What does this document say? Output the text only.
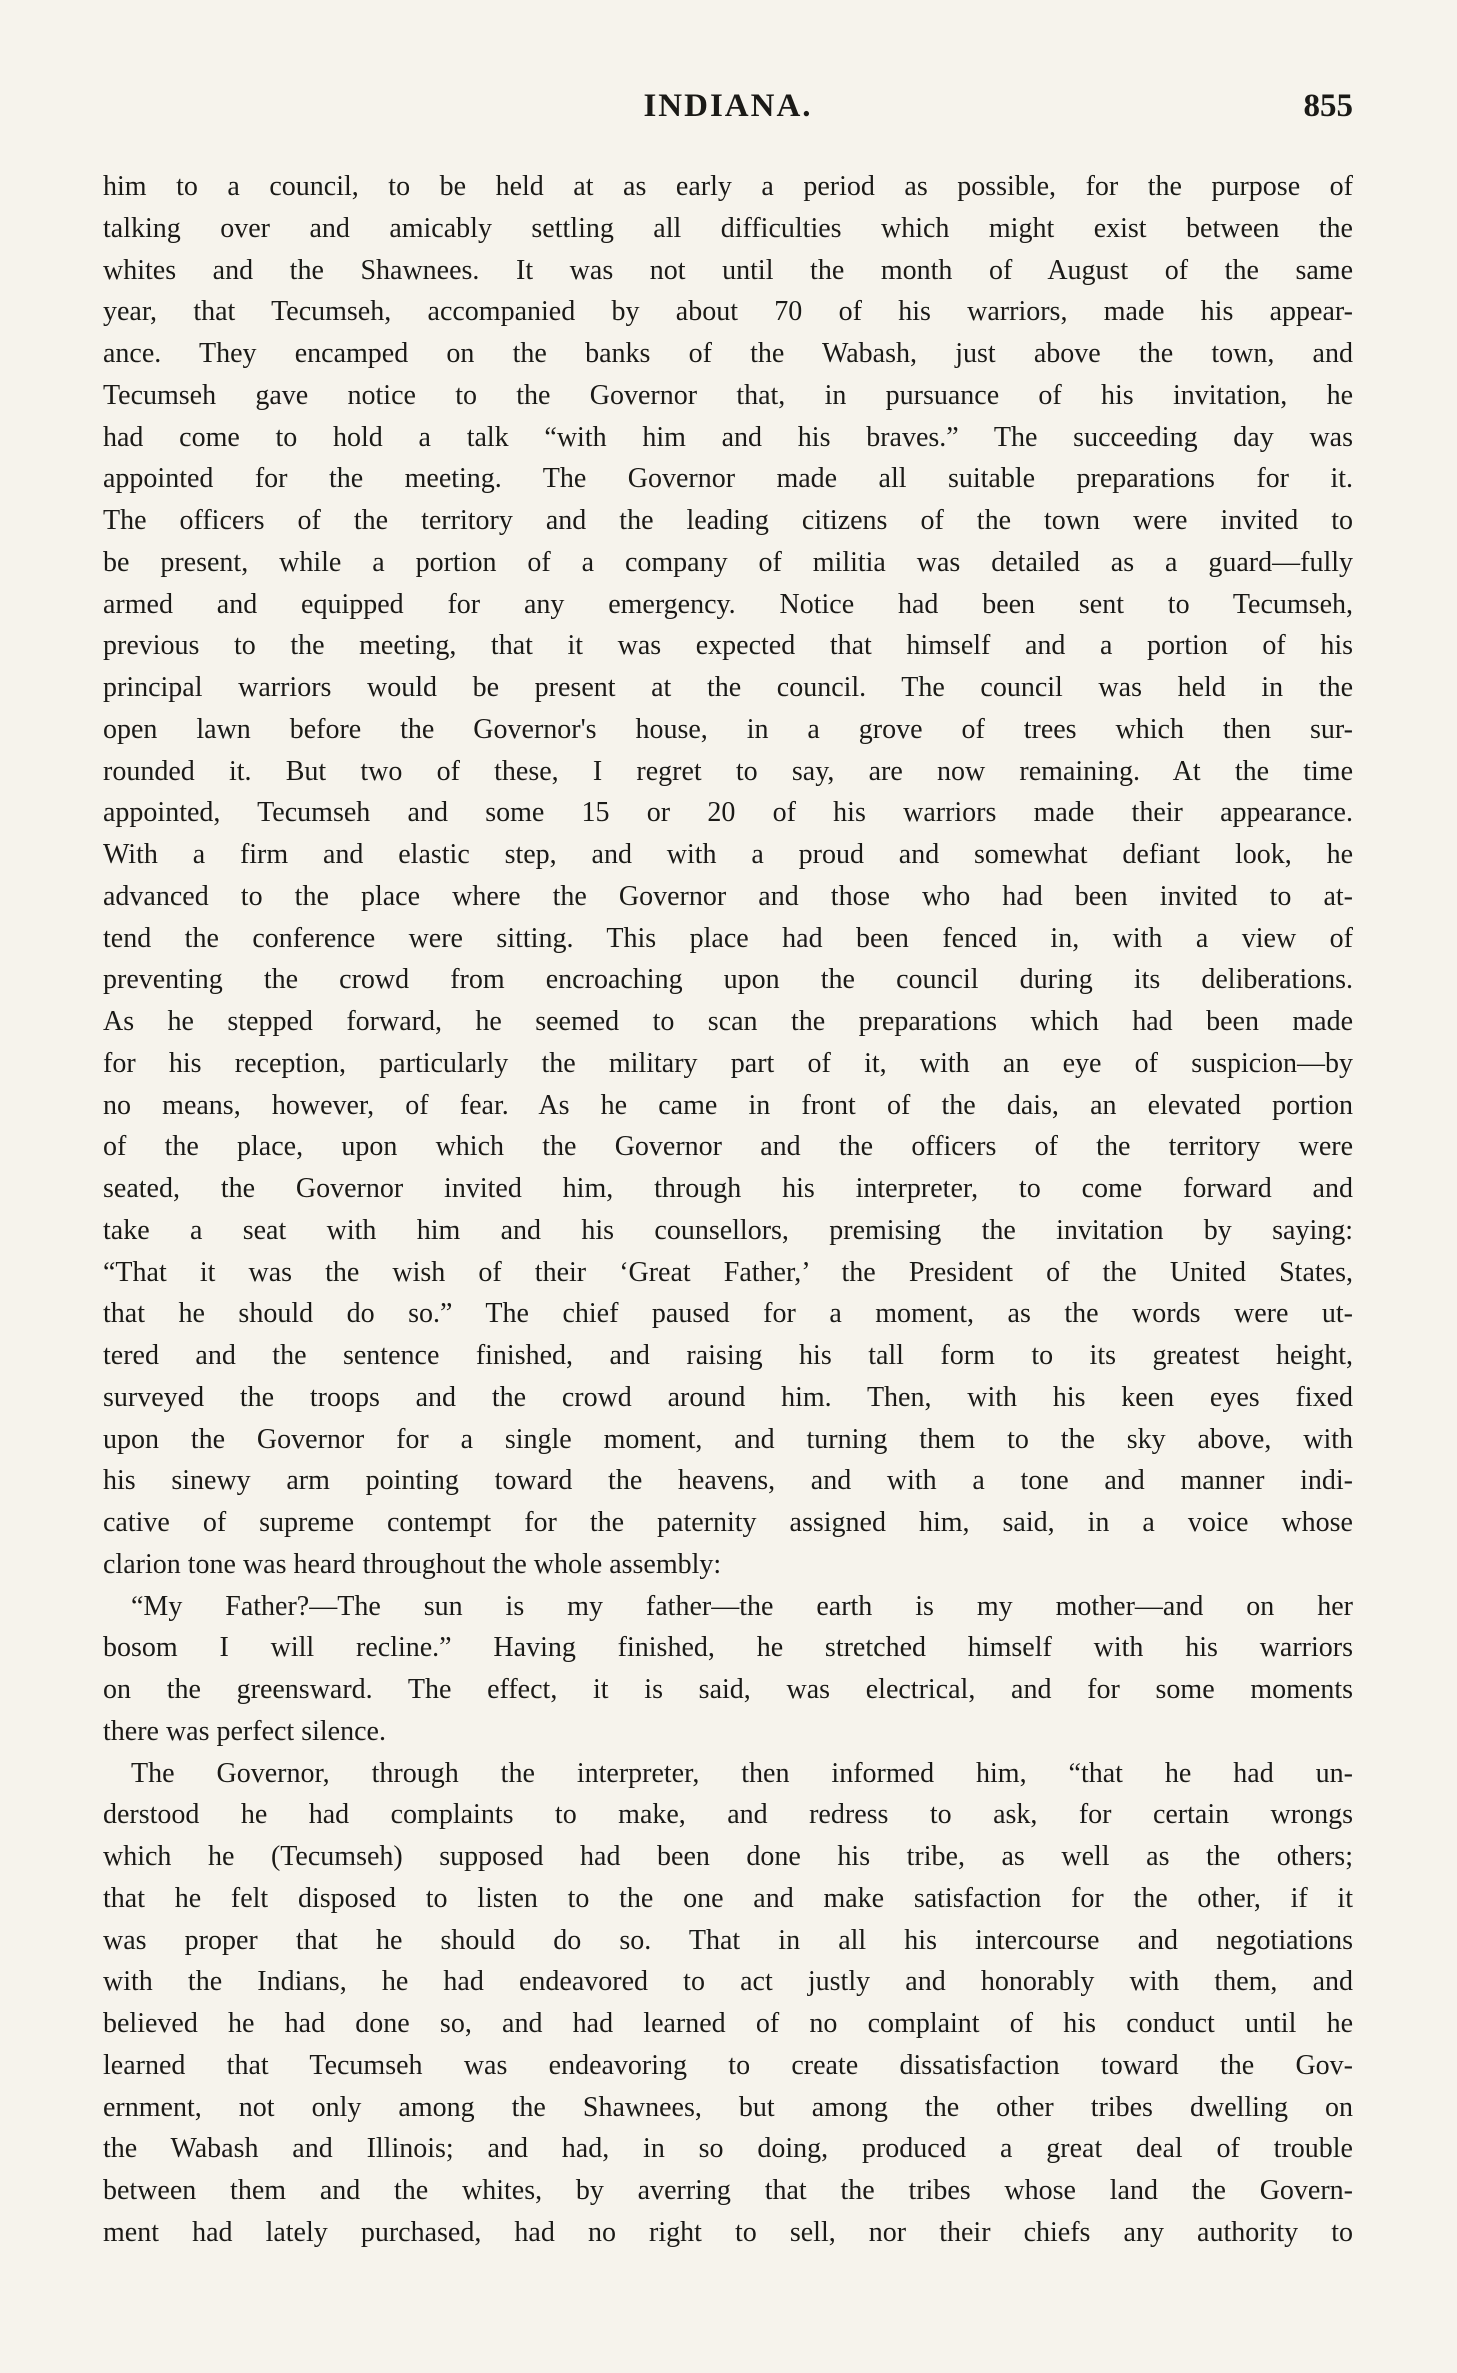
INDIANA.	855
him to a council, to be held at as early a period as possible, for the purpose of
talking over and amicably settling all difficulties which might exist between the
whites and the Shawnees. It was not until the month of August of the same
year, that Tecumseh, accompanied by about 70 of his warriors, made his appear-
ance. They encamped on the banks of the Wabash, just above the town, and
Tecumseh gave notice to the Governor that, in pursuance of his invitation, he
had come to hold a talk “with him and his braves.” The succeeding day was
appointed for the meeting. The Governor made all suitable preparations for it.
The officers of the territory and the leading citizens of the town were invited to
be present, while a portion of a company of militia was detailed as a guard—fully
armed and equipped for any emergency. Notice had been sent to Tecumseh,
previous to the meeting, that it was expected that himself and a portion of his
principal warriors would be present at the council. The council was held in the
open lawn before the Governor's house, in a grove of trees which then sur-
rounded it. But two of these, I regret to say, are now remaining. At the time
appointed, Tecumseh and some 15 or 20 of his warriors made their appearance.
With a firm and elastic step, and with a proud and somewhat defiant look, he
advanced to the place where the Governor and those who had been invited to at-
tend the conference were sitting. This place had been fenced in, with a view of
preventing the crowd from encroaching upon the council during its deliberations.
As he stepped forward, he seemed to scan the preparations which had been made
for his reception, particularly the military part of it, with an eye of suspicion—by
no means, however, of fear. As he came in front of the dais, an elevated portion
of the place, upon which the Governor and the officers of the territory were
seated, the Governor invited him, through his interpreter, to come forward and
take a seat with him and his counsellors, premising the invitation by saying:
“That it was the wish of their ‘Great Father,’ the President of the United States,
that he should do so.” The chief paused for a moment, as the words were ut-
tered and the sentence finished, and raising his tall form to its greatest height,
surveyed the troops and the crowd around him. Then, with his keen eyes fixed
upon the Governor for a single moment, and turning them to the sky above, with
his sinewy arm pointing toward the heavens, and with a tone and manner indi-
cative of supreme contempt for the paternity assigned him, said, in a voice whose
clarion tone was heard throughout the whole assembly:
“My Father?—The sun is my father—the earth is my mother—and on her
bosom I will recline.” Having finished, he stretched himself with his warriors
on the greensward. The effect, it is said, was electrical, and for some moments
there was perfect silence.
The Governor, through the interpreter, then informed him, “that he had un-
derstood he had complaints to make, and redress to ask, for certain wrongs
which he (Tecumseh) supposed had been done his tribe, as well as the others;
that he felt disposed to listen to the one and make satisfaction for the other, if it
was proper that he should do so. That in all his intercourse and negotiations
with the Indians, he had endeavored to act justly and honorably with them, and
believed he had done so, and had learned of no complaint of his conduct until he
learned that Tecumseh was endeavoring to create dissatisfaction toward the Gov-
ernment, not only among the Shawnees, but among the other tribes dwelling on
the Wabash and Illinois; and had, in so doing, produced a great deal of trouble
between them and the whites, by averring that the tribes whose land the Govern-
ment had lately purchased, had no right to sell, nor their chiefs any authority to
